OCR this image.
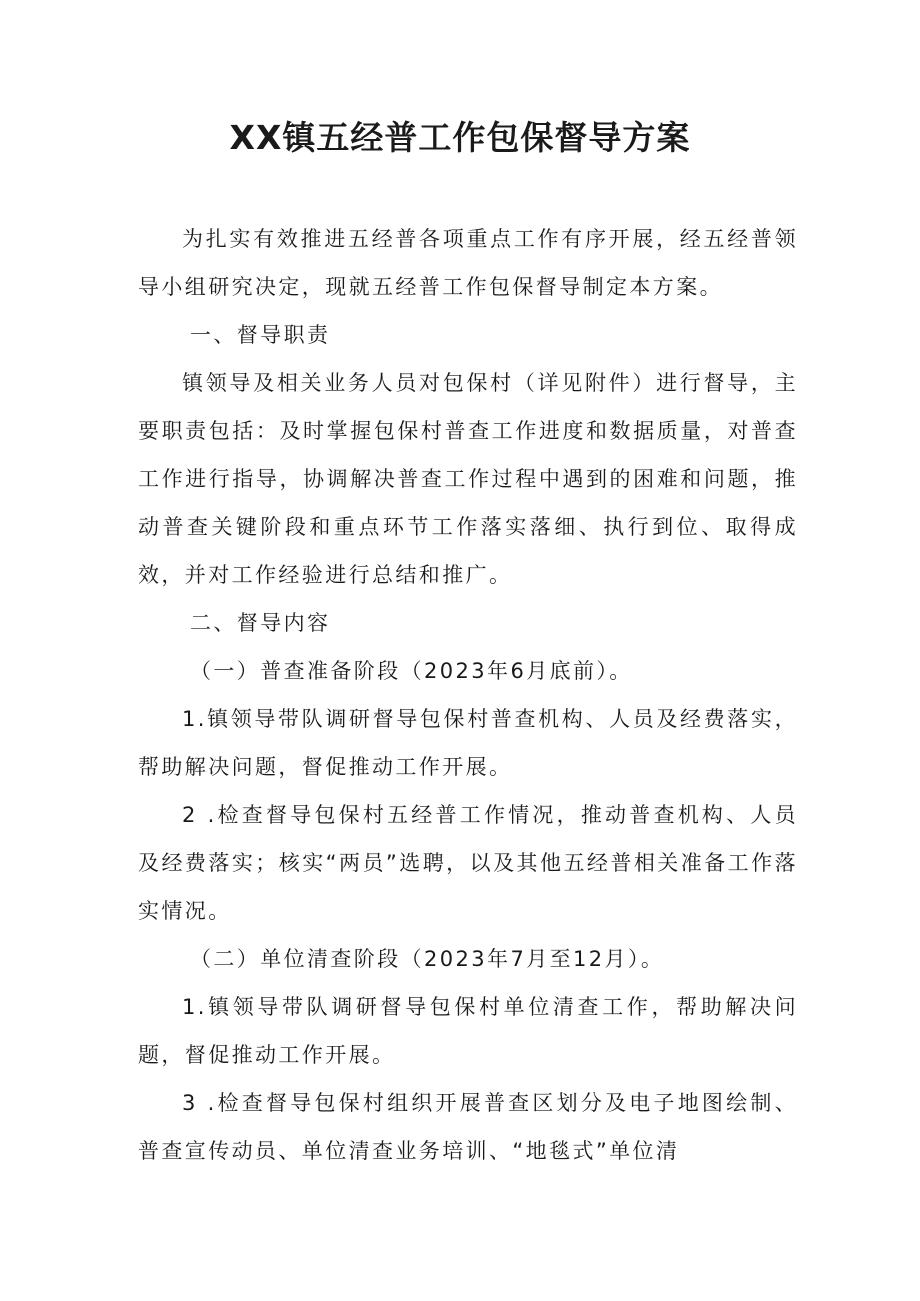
XX镇五经普工作包保督导方案

为扎实有效推进五经普各项重点工作有序开展，经五经普领导小组研究决定，现就五经普工作包保督导制定本方案。

一、督导职责

镇领导及相关业务人员对包保村（详见附件）进行督导，主要职责包括：及时掌握包保村普查工作进度和数据质量，对普查工作进行指导，协调解决普查工作过程中遇到的困难和问题，推动普查关键阶段和重点环节工作落实落细、执行到位、取得成效，并对工作经验进行总结和推广。

二、督导内容

（一）普查准备阶段（2023年6月底前）。

1.镇领导带队调研督导包保村普查机构、人员及经费落实，帮助解决问题，督促推动工作开展。

2 .检查督导包保村五经普工作情况，推动普查机构、人员及经费落实；核实“两员”选聘，以及其他五经普相关准备工作落实情况。

（二）单位清查阶段（2023年7月至12月）。

1.镇领导带队调研督导包保村单位清查工作，帮助解决问题，督促推动工作开展。

3 .检查督导包保村组织开展普查区划分及电子地图绘制、普查宣传动员、单位清查业务培训、“地毯式”单位清
